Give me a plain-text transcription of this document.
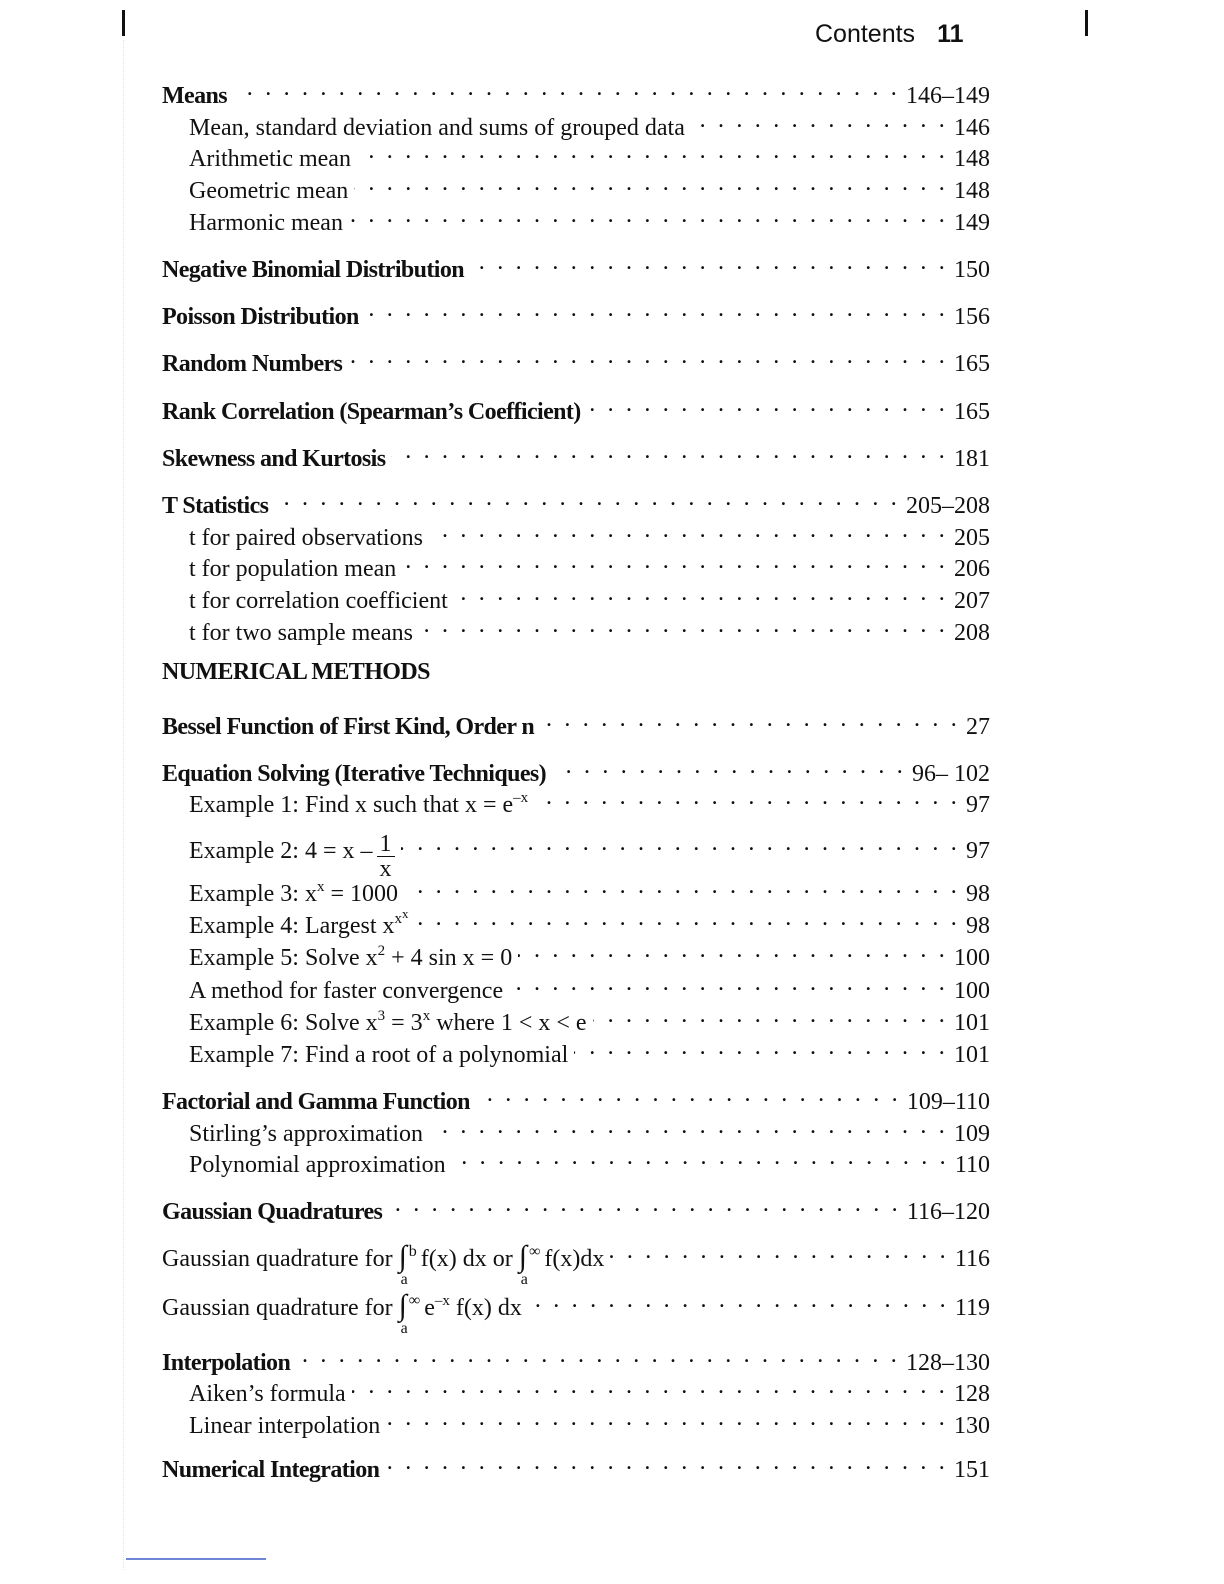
Contents 11
Means . . .	146–149
Mean, standard deviation and sums of grouped data . . .	146
Arithmetic mean . . .	148
Geometric mean . . .	148
Harmonic mean . . .	149
Negative Binomial Distribution . . .	150
Poisson Distribution . . .	156
Random Numbers . . .	165
Rank Correlation (Spearman’s Coefficient) . . .	165
Skewness and Kurtosis . . .	181
T Statistics . . .	205–208
t for paired observations . . .	205
t for population mean . . .	206
t for correlation coefficient . . .	207
t for two sample means . . .	208
NUMERICAL METHODS
Bessel Function of First Kind, Order n . . .	27
Equation Solving (Iterative Techniques) . . .	96– 102
Example 1: Find x such that $x = e^{-x}$ . . .	97
Example 2: $4 = x - \frac{1}{x}$ . . .	97
Example 3: $x^x = 1000$ . . .	98
Example 4: Largest $x^{x^x}$ . . .	98
Example 5: Solve $x^2 + 4$ sin x = 0 . . .	100
A method for faster convergence . . .	100
Example 6: Solve $x^3 = 3^x$ where 1 < x < e . . .	101
Example 7: Find a root of a polynomial . . .	101
Factorial and Gamma Function . . .	109–110
Stirling’s approximation . . .	109
Polynomial approximation . . .	110
Gaussian Quadratures . . .	116–120
Gaussian quadrature for ∫ b
a
f(x) dx or ∫ ∞
a
f(x)dx . . .	116
Gaussian quadrature for ∫ ∞
a
$e^{-x}$ f(x) dx . . .	119
Interpolation . . .	128–130
Aiken’s formula . . .	128
Linear interpolation . . .	130
Numerical Integration . . .	151
